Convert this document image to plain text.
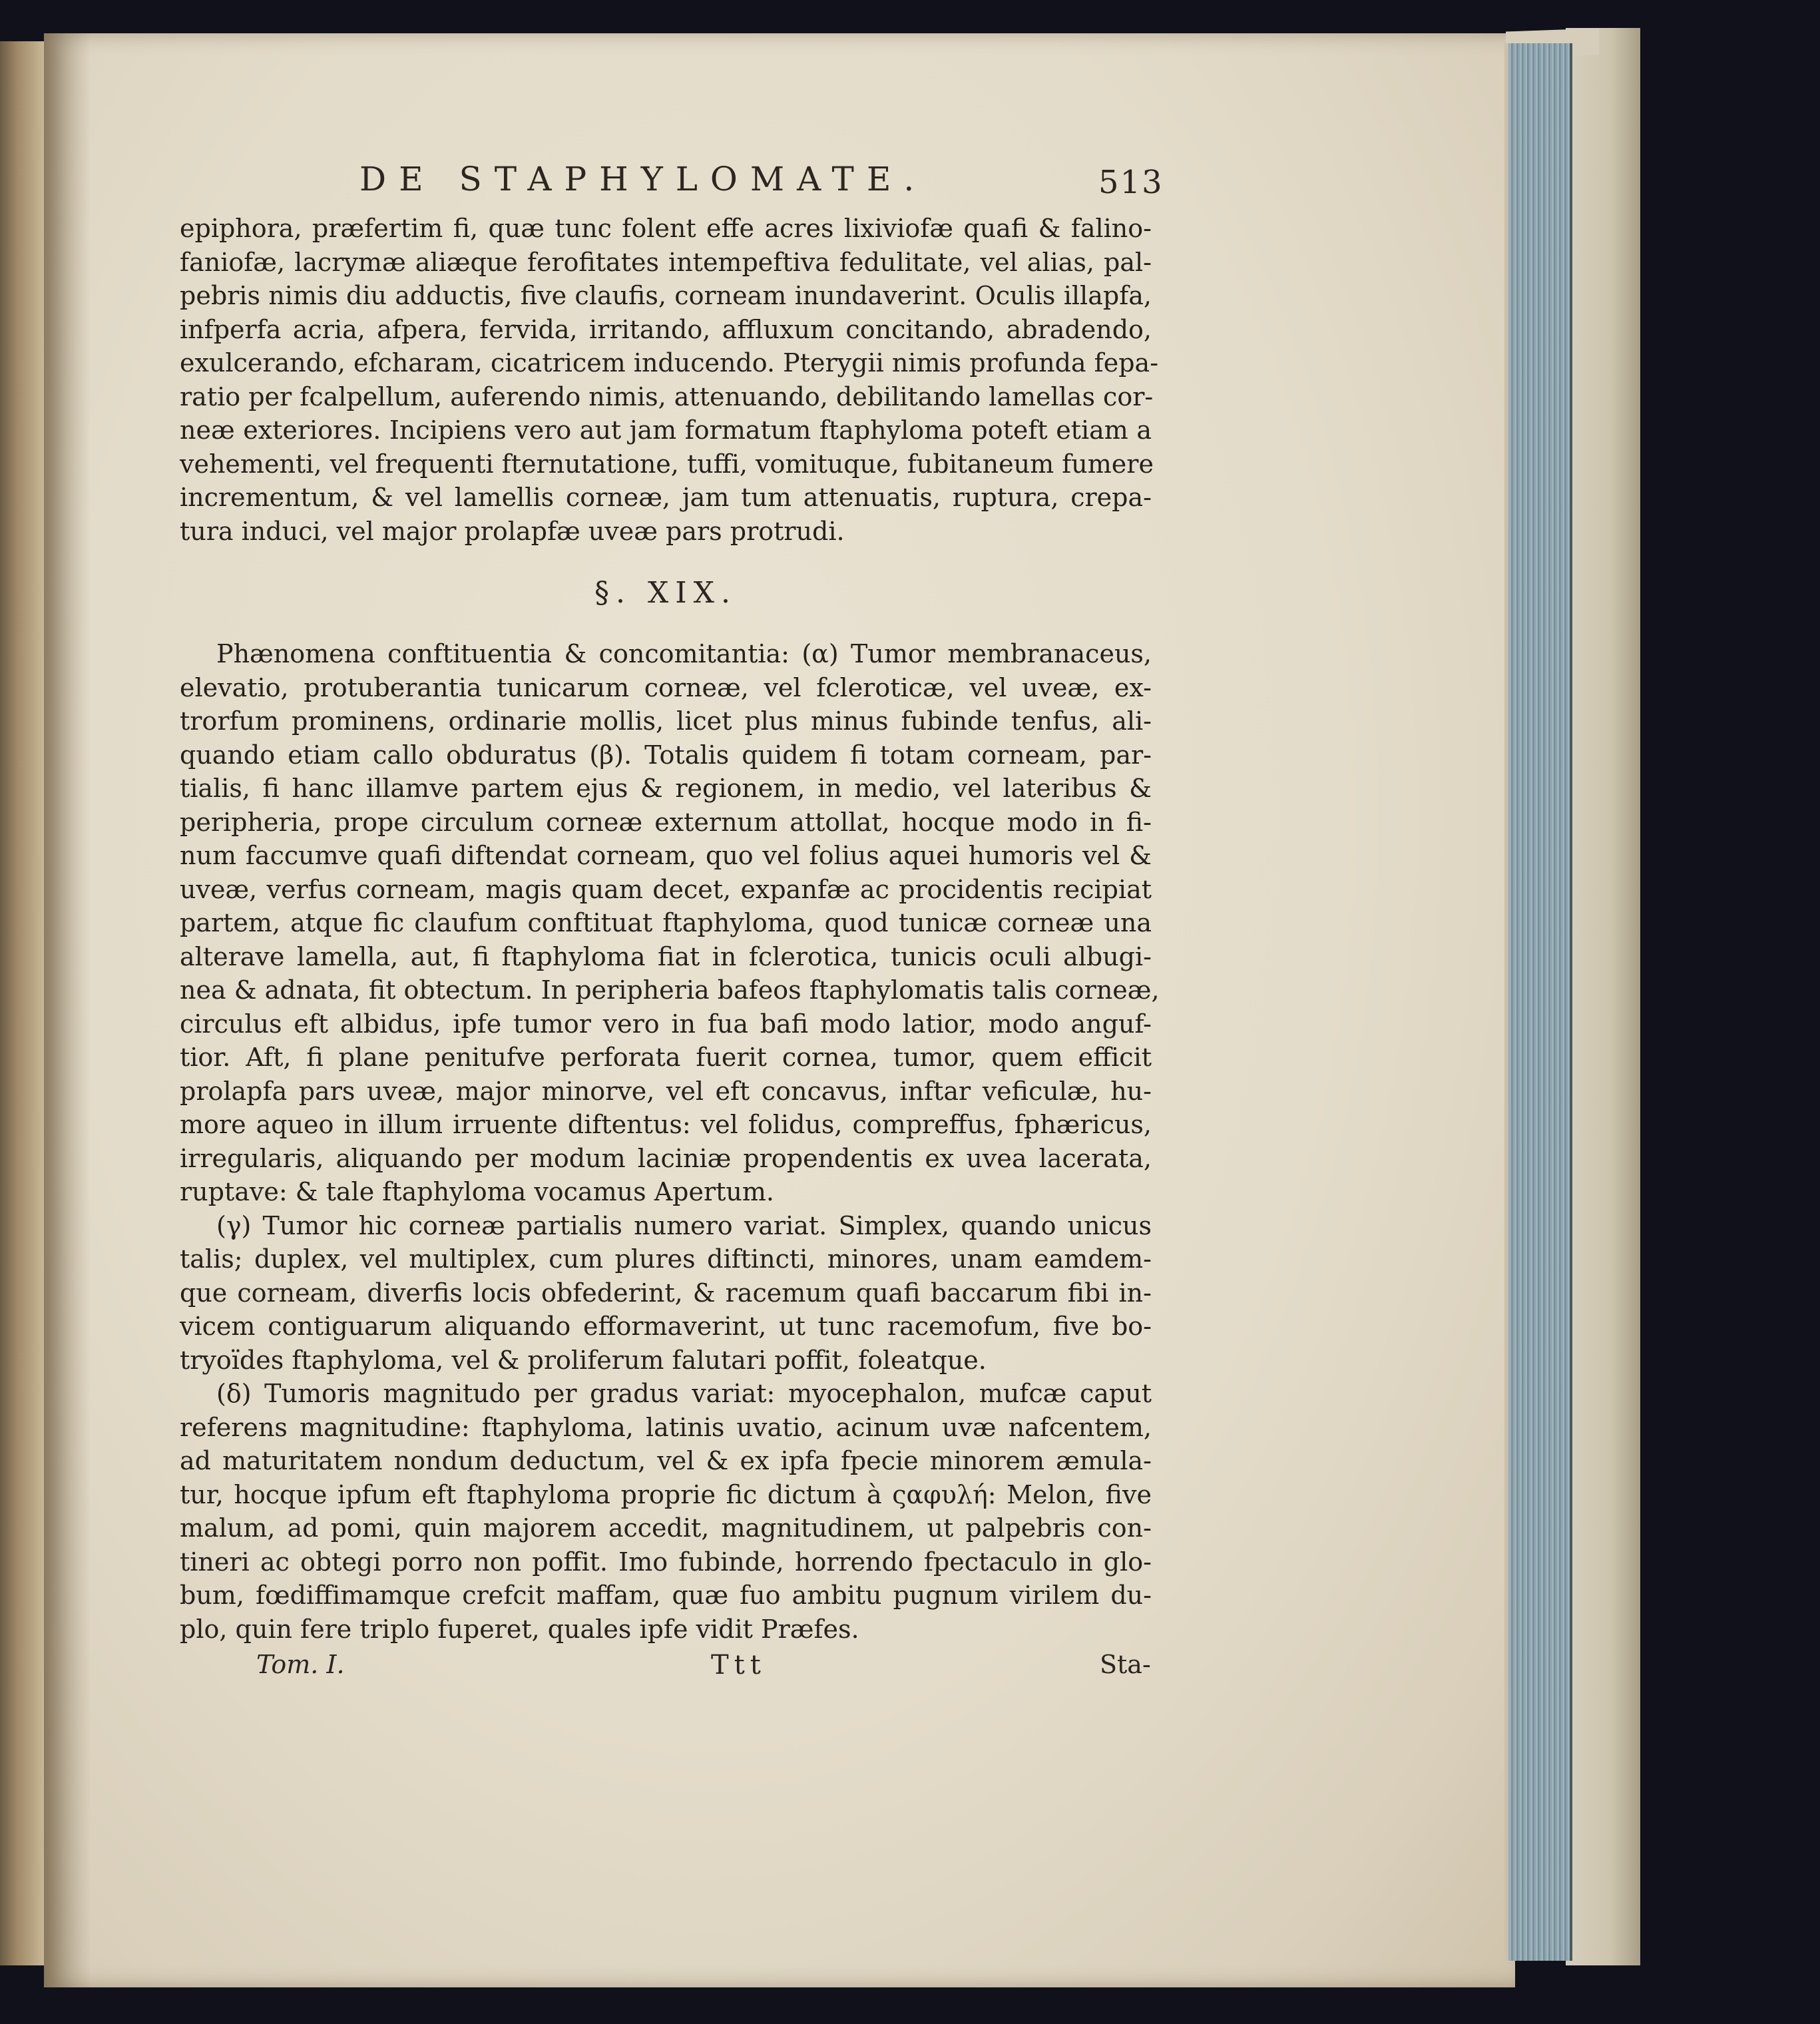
DE STAPHYLOMATE.	513
epiphora, præfertim fi, quæ tunc folent effe acres lixiviofæ quafi & falino-
faniofæ, lacrymæ aliæque ferofitates intempeftiva fedulitate, vel alias, pal-
pebris nimis diu adductis, five claufis, corneam inundaverint. Oculis illapfa,
infperfa acria, afpera, fervida, irritando, affluxum concitando, abradendo,
exulcerando, efcharam, cicatricem inducendo. Pterygii nimis profunda fepa-
ratio per fcalpellum, auferendo nimis, attenuando, debilitando lamellas cor-
neæ exteriores. Incipiens vero aut jam formatum ftaphyloma poteft etiam a
vehementi, vel frequenti fternutatione, tuffi, vomituque, fubitaneum fumere
incrementum, & vel lamellis corneæ, jam tum attenuatis, ruptura, crepa-
tura induci, vel major prolapfæ uveæ pars protrudi.
§. XIX.
Phænomena conftituentia & concomitantia: (α) Tumor membranaceus,
elevatio, protuberantia tunicarum corneæ, vel fcleroticæ, vel uveæ, ex-
trorfum prominens, ordinarie mollis, licet plus minus fubinde tenfus, ali-
quando etiam callo obduratus (β). Totalis quidem fi totam corneam, par-
tialis, fi hanc illamve partem ejus & regionem, in medio, vel lateribus &
peripheria, prope circulum corneæ externum attollat, hocque modo in fi-
num faccumve quafi diftendat corneam, quo vel folius aquei humoris vel &
uveæ, verfus corneam, magis quam decet, expanfæ ac procidentis recipiat
partem, atque fic claufum conftituat ftaphyloma, quod tunicæ corneæ una
alterave lamella, aut, fi ftaphyloma fiat in fclerotica, tunicis oculi albugi-
nea & adnata, fit obtectum. In peripheria bafeos ftaphylomatis talis corneæ,
circulus eft albidus, ipfe tumor vero in fua bafi modo latior, modo anguf-
tior. Aft, fi plane penitufve perforata fuerit cornea, tumor, quem efficit
prolapfa pars uveæ, major minorve, vel eft concavus, inftar veficulæ, hu-
more aqueo in illum irruente diftentus: vel folidus, compreffus, fphæricus,
irregularis, aliquando per modum laciniæ propendentis ex uvea lacerata,
ruptave: & tale ftaphyloma vocamus Apertum.
(γ) Tumor hic corneæ partialis numero variat. Simplex, quando unicus
talis; duplex, vel multiplex, cum plures diftincti, minores, unam eamdem-
que corneam, diverfis locis obfederint, & racemum quafi baccarum fibi in-
vicem contiguarum aliquando efformaverint, ut tunc racemofum, five bo-
tryoïdes ftaphyloma, vel & proliferum falutari poffit, foleatque.
(δ) Tumoris magnitudo per gradus variat: myocephalon, mufcæ caput
referens magnitudine: ftaphyloma, latinis uvatio, acinum uvæ nafcentem,
ad maturitatem nondum deductum, vel & ex ipfa fpecie minorem æmula-
tur, hocque ipfum eft ftaphyloma proprie fic dictum à ςαφυλή: Melon, five
malum, ad pomi, quin majorem accedit, magnitudinem, ut palpebris con-
tineri ac obtegi porro non poffit. Imo fubinde, horrendo fpectaculo in glo-
bum, fœdiffimamque crefcit maffam, quæ fuo ambitu pugnum virilem du-
plo, quin fere triplo fuperet, quales ipfe vidit Præfes.
Tom. I.	Ttt	Sta-
